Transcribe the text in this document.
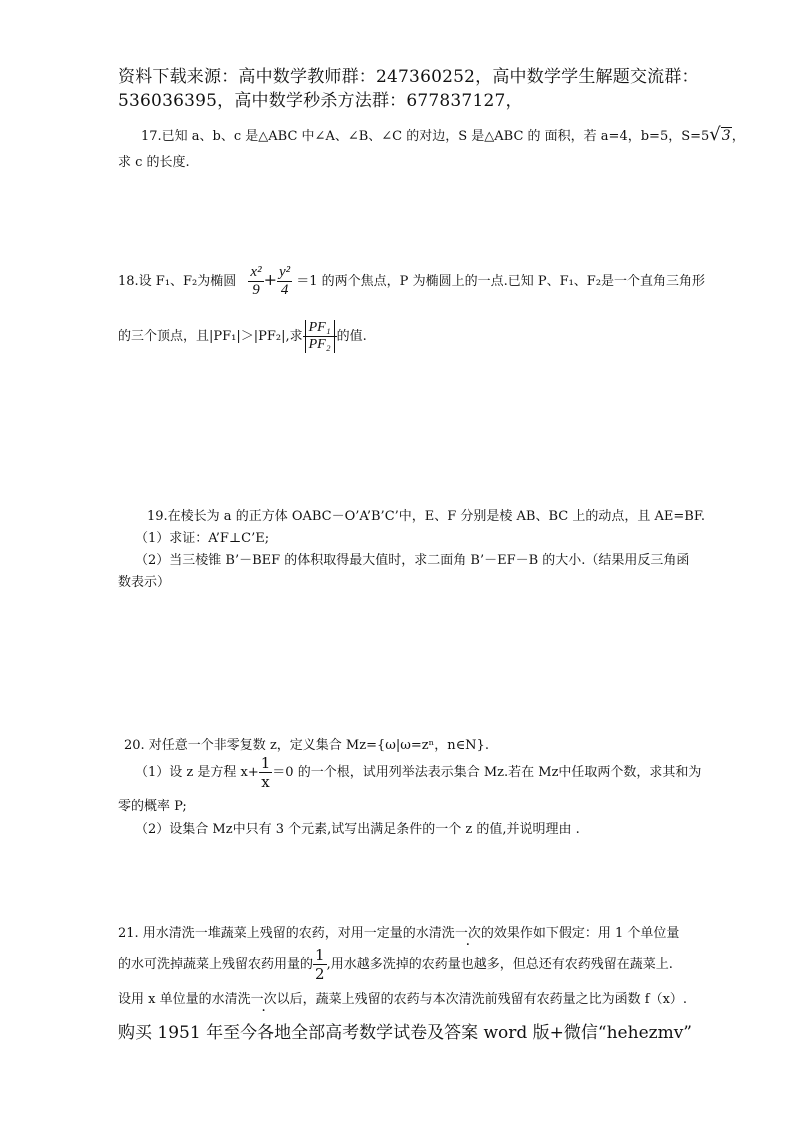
资料下载来源：高中数学教师群：247360252，高中数学学生解题交流群：
536036395，高中数学秒杀方法群：677837127，
17.已知 a、b、c 是△ABC 中∠A、∠B、∠C 的对边，S 是△ABC 的 面积，若 a=4，b=5，S=5√3，
求 c 的长度.
18.设 F₁、F₂为椭圆 $\frac{\text{x²}}{9} + \frac{\text{y²}}{4} =1$ 的两个焦点，P 为椭圆上的一点.已知 P、F₁、F₂是一个直角三角形
的三个顶点，且|PF₁|＞|PF₂|,求 $\frac{\text{PF₁}}{\text{PF₂}}$ 的值.
19.在棱长为 a 的正方体 OABC－O’A’B’C’中，E、F 分别是棱 AB、BC 上的动点，且 AE=BF.
（1）求证：A’F⊥C’E;
（2）当三棱锥 B’－BEF 的体积取得最大值时，求二面角 B’－EF－B 的大小.（结果用反三角函
数表示）
20. 对任意一个非零复数 z，定义集合 Mz={ω|ω=zⁿ，n∈N}.
（1）设 z 是方程 $x+ \frac{1}{x} =0$ 的一个根，试用列举法表示集合 Mz.若在 Mz中任取两个数，求其和为
零的概率 P;
（2）设集合 Mz中只有 3 个元素,试写出满足条件的一个 z 的值,并说明理由 .
21. 用水清洗一堆蔬菜上残留的农药，对用一定量的水清洗一次的效果作如下假定：用 1 个单位量
的水可洗掉蔬菜上残留农药用量的 $\frac{1}{2}$ ,用水越多洗掉的农药量也越多，但总还有农药残留在蔬菜上.
设用 x 单位量的水清洗一次以后，蔬菜上残留的农药与本次清洗前残留有农药量之比为函数 f（x）.
购买 1951 年至今各地全部高考数学试卷及答案 word 版+微信“hehezmv”
